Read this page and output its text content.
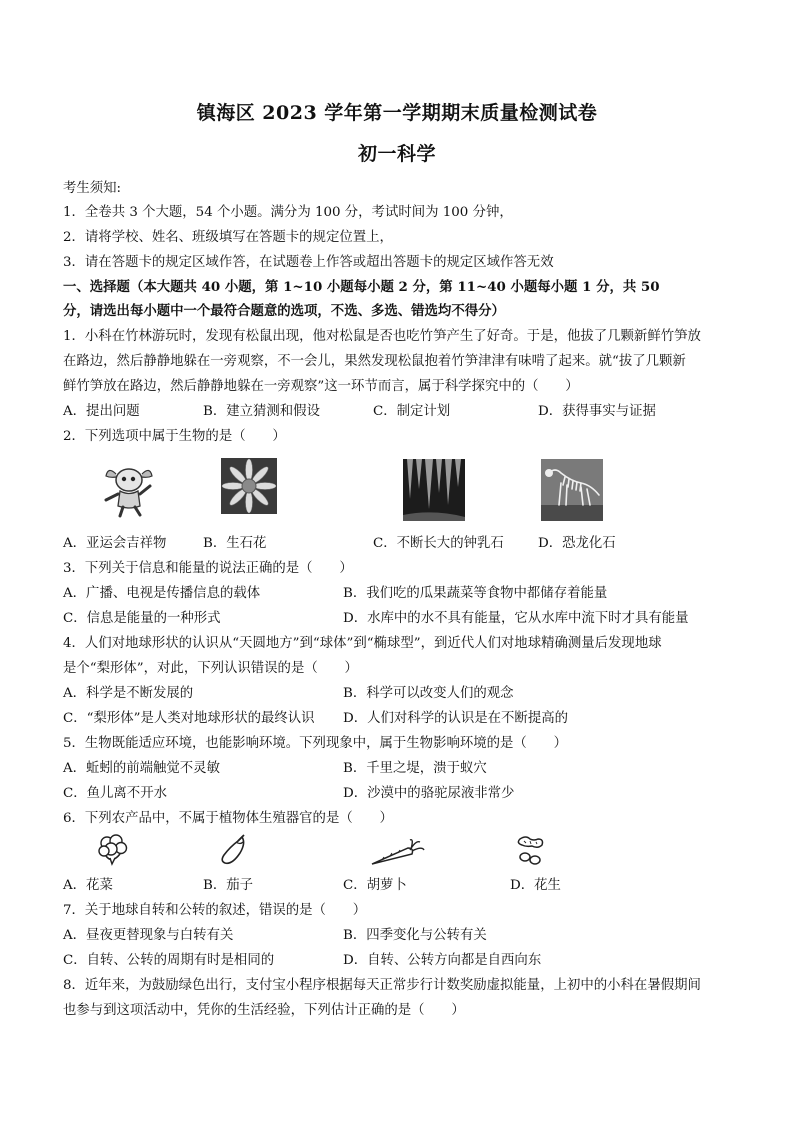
镇海区 2023 学年第一学期期末质量检测试卷
初一科学
考生须知:
1．全卷共 3 个大题，54 个小题。满分为 100 分，考试时间为 100 分钟，
2．请将学校、姓名、班级填写在答题卡的规定位置上，
3．请在答题卡的规定区域作答，在试题卷上作答或超出答题卡的规定区域作答无效
一、选择题（本大题共 40 小题，第 1~10 小题每小题 2 分，第 11~40 小题每小题 1 分，共 50
分，请选出每小题中一个最符合题意的选项，不选、多选、错选均不得分）
1．小科在竹林游玩时，发现有松鼠出现，他对松鼠是否也吃竹笋产生了好奇。于是，他拔了几颗新鲜竹笋放
在路边，然后静静地躲在一旁观察，不一会儿，果然发现松鼠抱着竹笋津津有味啃了起来。就“拔了几颗新
鲜竹笋放在路边，然后静静地躲在一旁观察”这一环节而言，属于科学探究中的（　　）
A．提出问题	B．建立猜测和假设	C．制定计划	D．获得事实与证据
2．下列选项中属于生物的是（　　）
A．亚运会吉祥物	B．生石花	C．不断长大的钟乳石	D．恐龙化石
3．下列关于信息和能量的说法正确的是（　　）
A．广播、电视是传播信息的载体	B．我们吃的瓜果蔬菜等食物中都储存着能量
C．信息是能量的一种形式	D．水库中的水不具有能量，它从水库中流下时才具有能量
4．人们对地球形状的认识从“天圆地方”到“球体”到“椭球型”，到近代人们对地球精确测量后发现地球
是个“梨形体”，对此，下列认识错误的是（　　）
A．科学是不断发展的	B．科学可以改变人们的观念
C．“梨形体”是人类对地球形状的最终认识 D．人们对科学的认识是在不断提高的
5．生物既能适应环境，也能影响环境。下列现象中，属于生物影响环境的是（　　）
A．蚯蚓的前端触觉不灵敏	B．千里之堤，溃于蚁穴
C．鱼儿离不开水	D．沙漠中的骆驼尿液非常少
6．下列农产品中，不属于植物体生殖器官的是（　　）
A．花菜	B．茄子	C．胡萝卜	D．花生
7．关于地球自转和公转的叙述，错误的是（　　）
A．昼夜更替现象与白转有关	B．四季变化与公转有关
C．自转、公转的周期有时是相同的	D．自转、公转方向都是自西向东
8．近年来，为鼓励绿色出行，支付宝小程序根据每天正常步行计数奖励虚拟能量，上初中的小科在暑假期间
也参与到这项活动中，凭你的生活经验，下列估计正确的是（　　）
